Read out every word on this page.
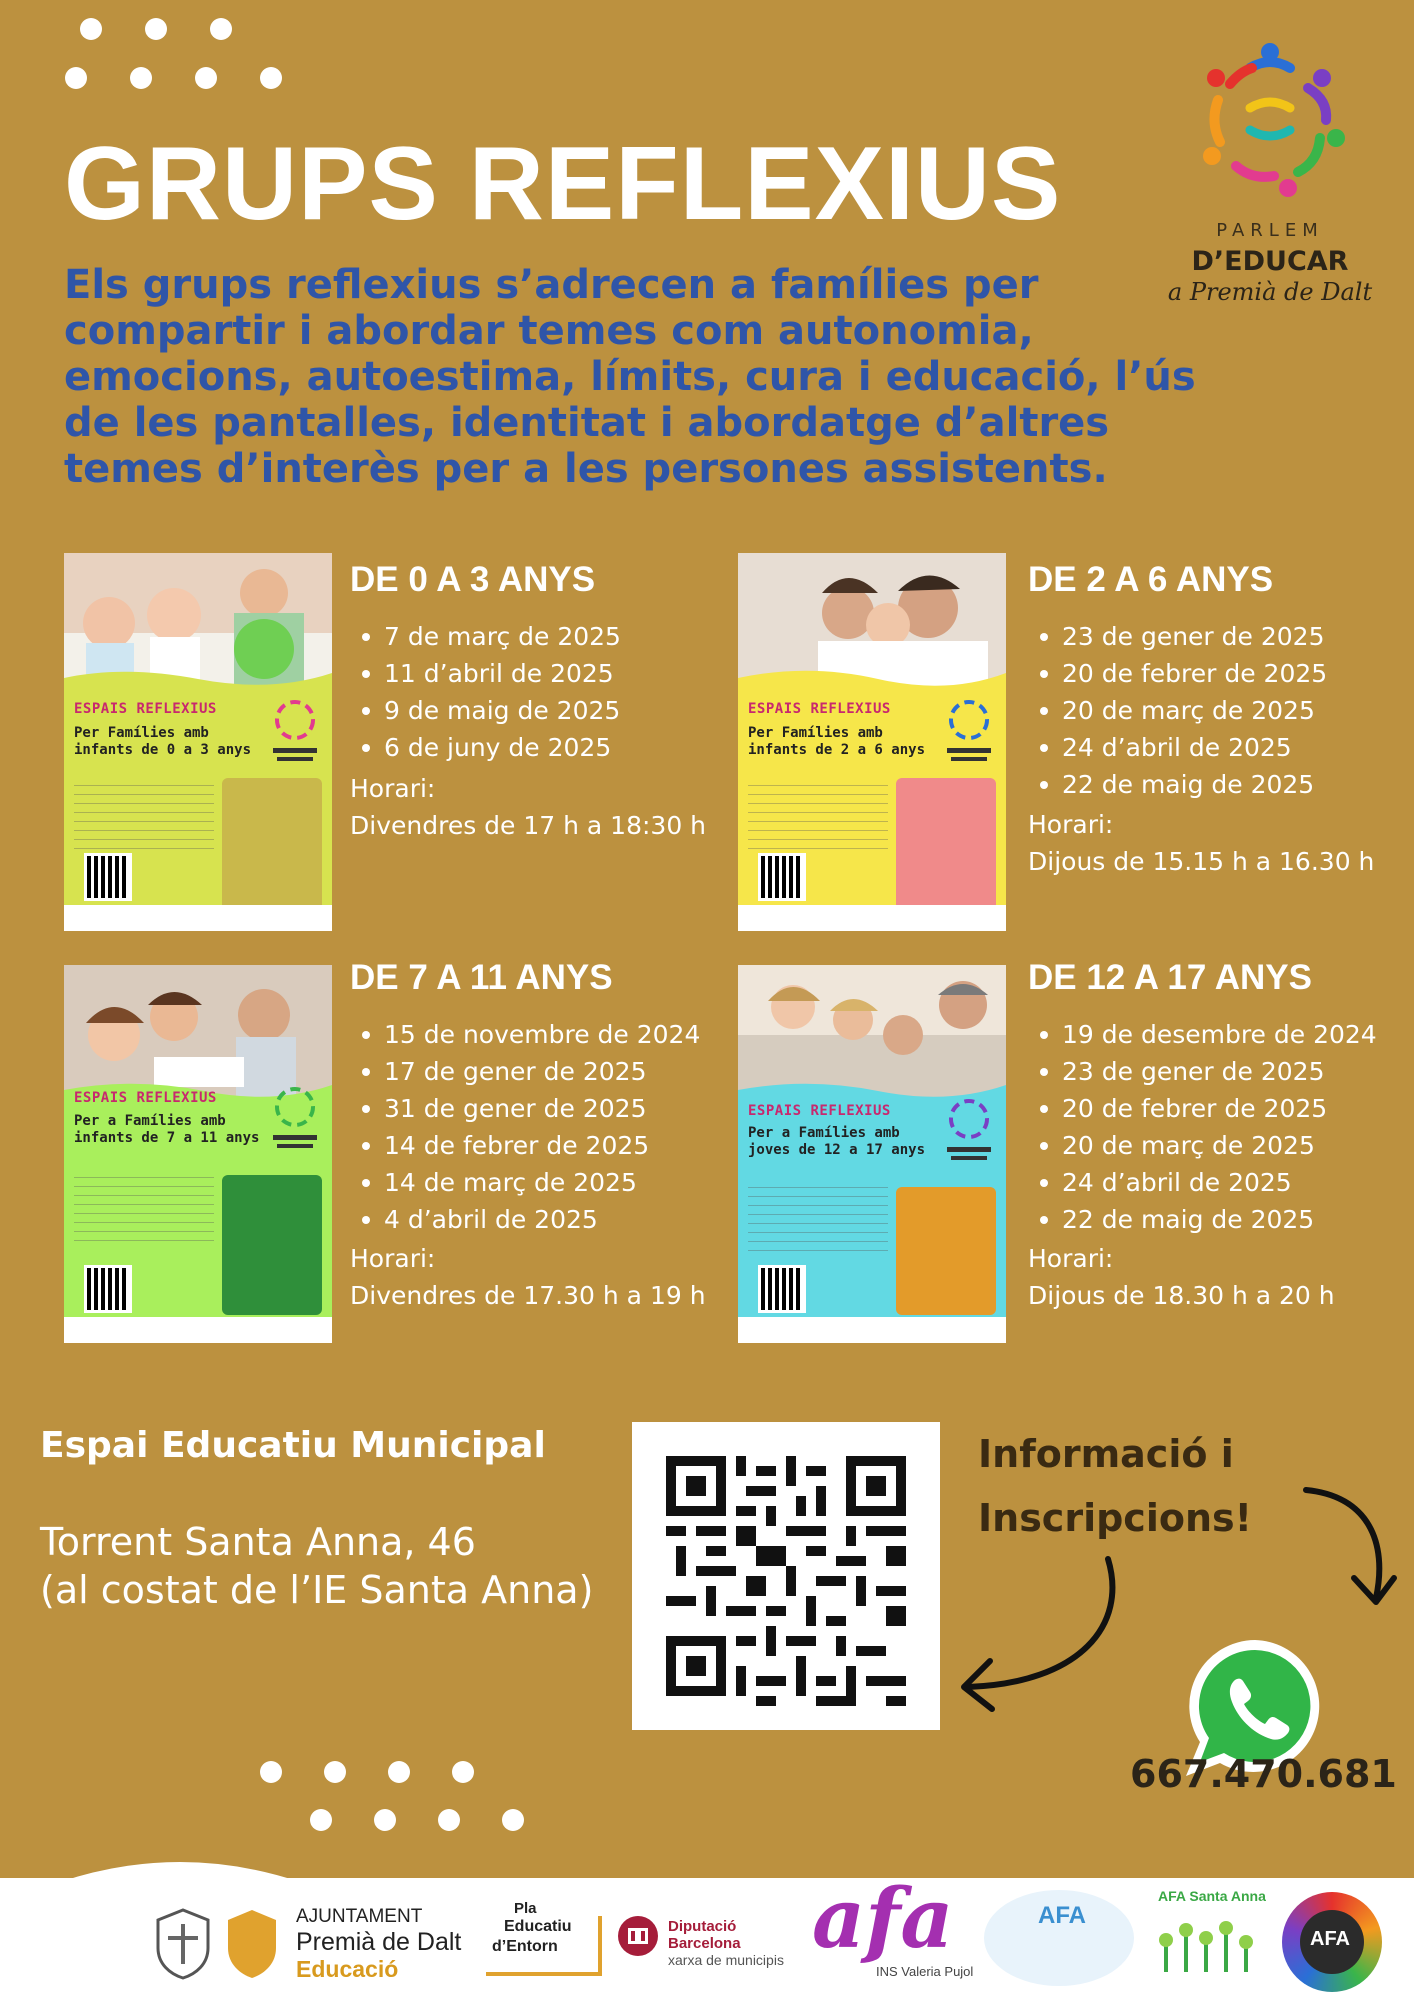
GRUPS REFLEXIUS

Els grups reflexius s’adrecen a famílies per
compartir i abordar temes com autonomia,
emocions, autoestima, límits, cura i educació, l’ús
de les pantalles, identitat i abordatge d’altres
temes d’interès per a les persones assistents.

PARLEM
D’EDUCAR
a Premià de Dalt
ESPAIS REFLEXIUS
Per Famílies amb infants de 0 a 3 anys
DE 0 A 3 ANYS
7 de març de 2025
11 d’abril de 2025
9 de maig de 2025
6 de juny de 2025

Horari:

Divendres de 17 h a 18:30 h

ESPAIS REFLEXIUS
Per Famílies amb infants de 2 a 6 anys
DE 2 A 6 ANYS
23 de gener de 2025
20 de febrer de 2025
20 de març de 2025
24 d’abril de 2025
22 de maig de 2025

Horari:

Dijous de 15.15 h a 16.30 h

ESPAIS REFLEXIUS
Per a Famílies amb infants de 7 a 11 anys
DE 7 A 11 ANYS
15 de novembre de 2024
17 de gener de 2025
31 de gener de 2025
14 de febrer de 2025
14 de març de 2025
4 d’abril de 2025

Horari:

Divendres de 17.30 h a 19 h

ESPAIS REFLEXIUS
Per a Famílies amb joves de 12 a 17 anys
DE 12 A 17 ANYS
19 de desembre de 2024
23 de gener de 2025
20 de febrer de 2025
20 de març de 2025
24 d’abril de 2025
22 de maig de 2025

Horari:

Dijous de 18.30 h a 20 h

Espai Educatiu Municipal

Torrent Santa Anna, 46

(al costat de l’IE Santa Anna)

Informació i
Inscripcions!

667.470.681

AJUNTAMENT
Premià de Dalt
Educació
Pla
Educatiu
d’Entorn
Diputació
Barcelona
xarxa de municipis afa
INS Valeria Pujol
AFA
AFA Santa Anna
AFA
